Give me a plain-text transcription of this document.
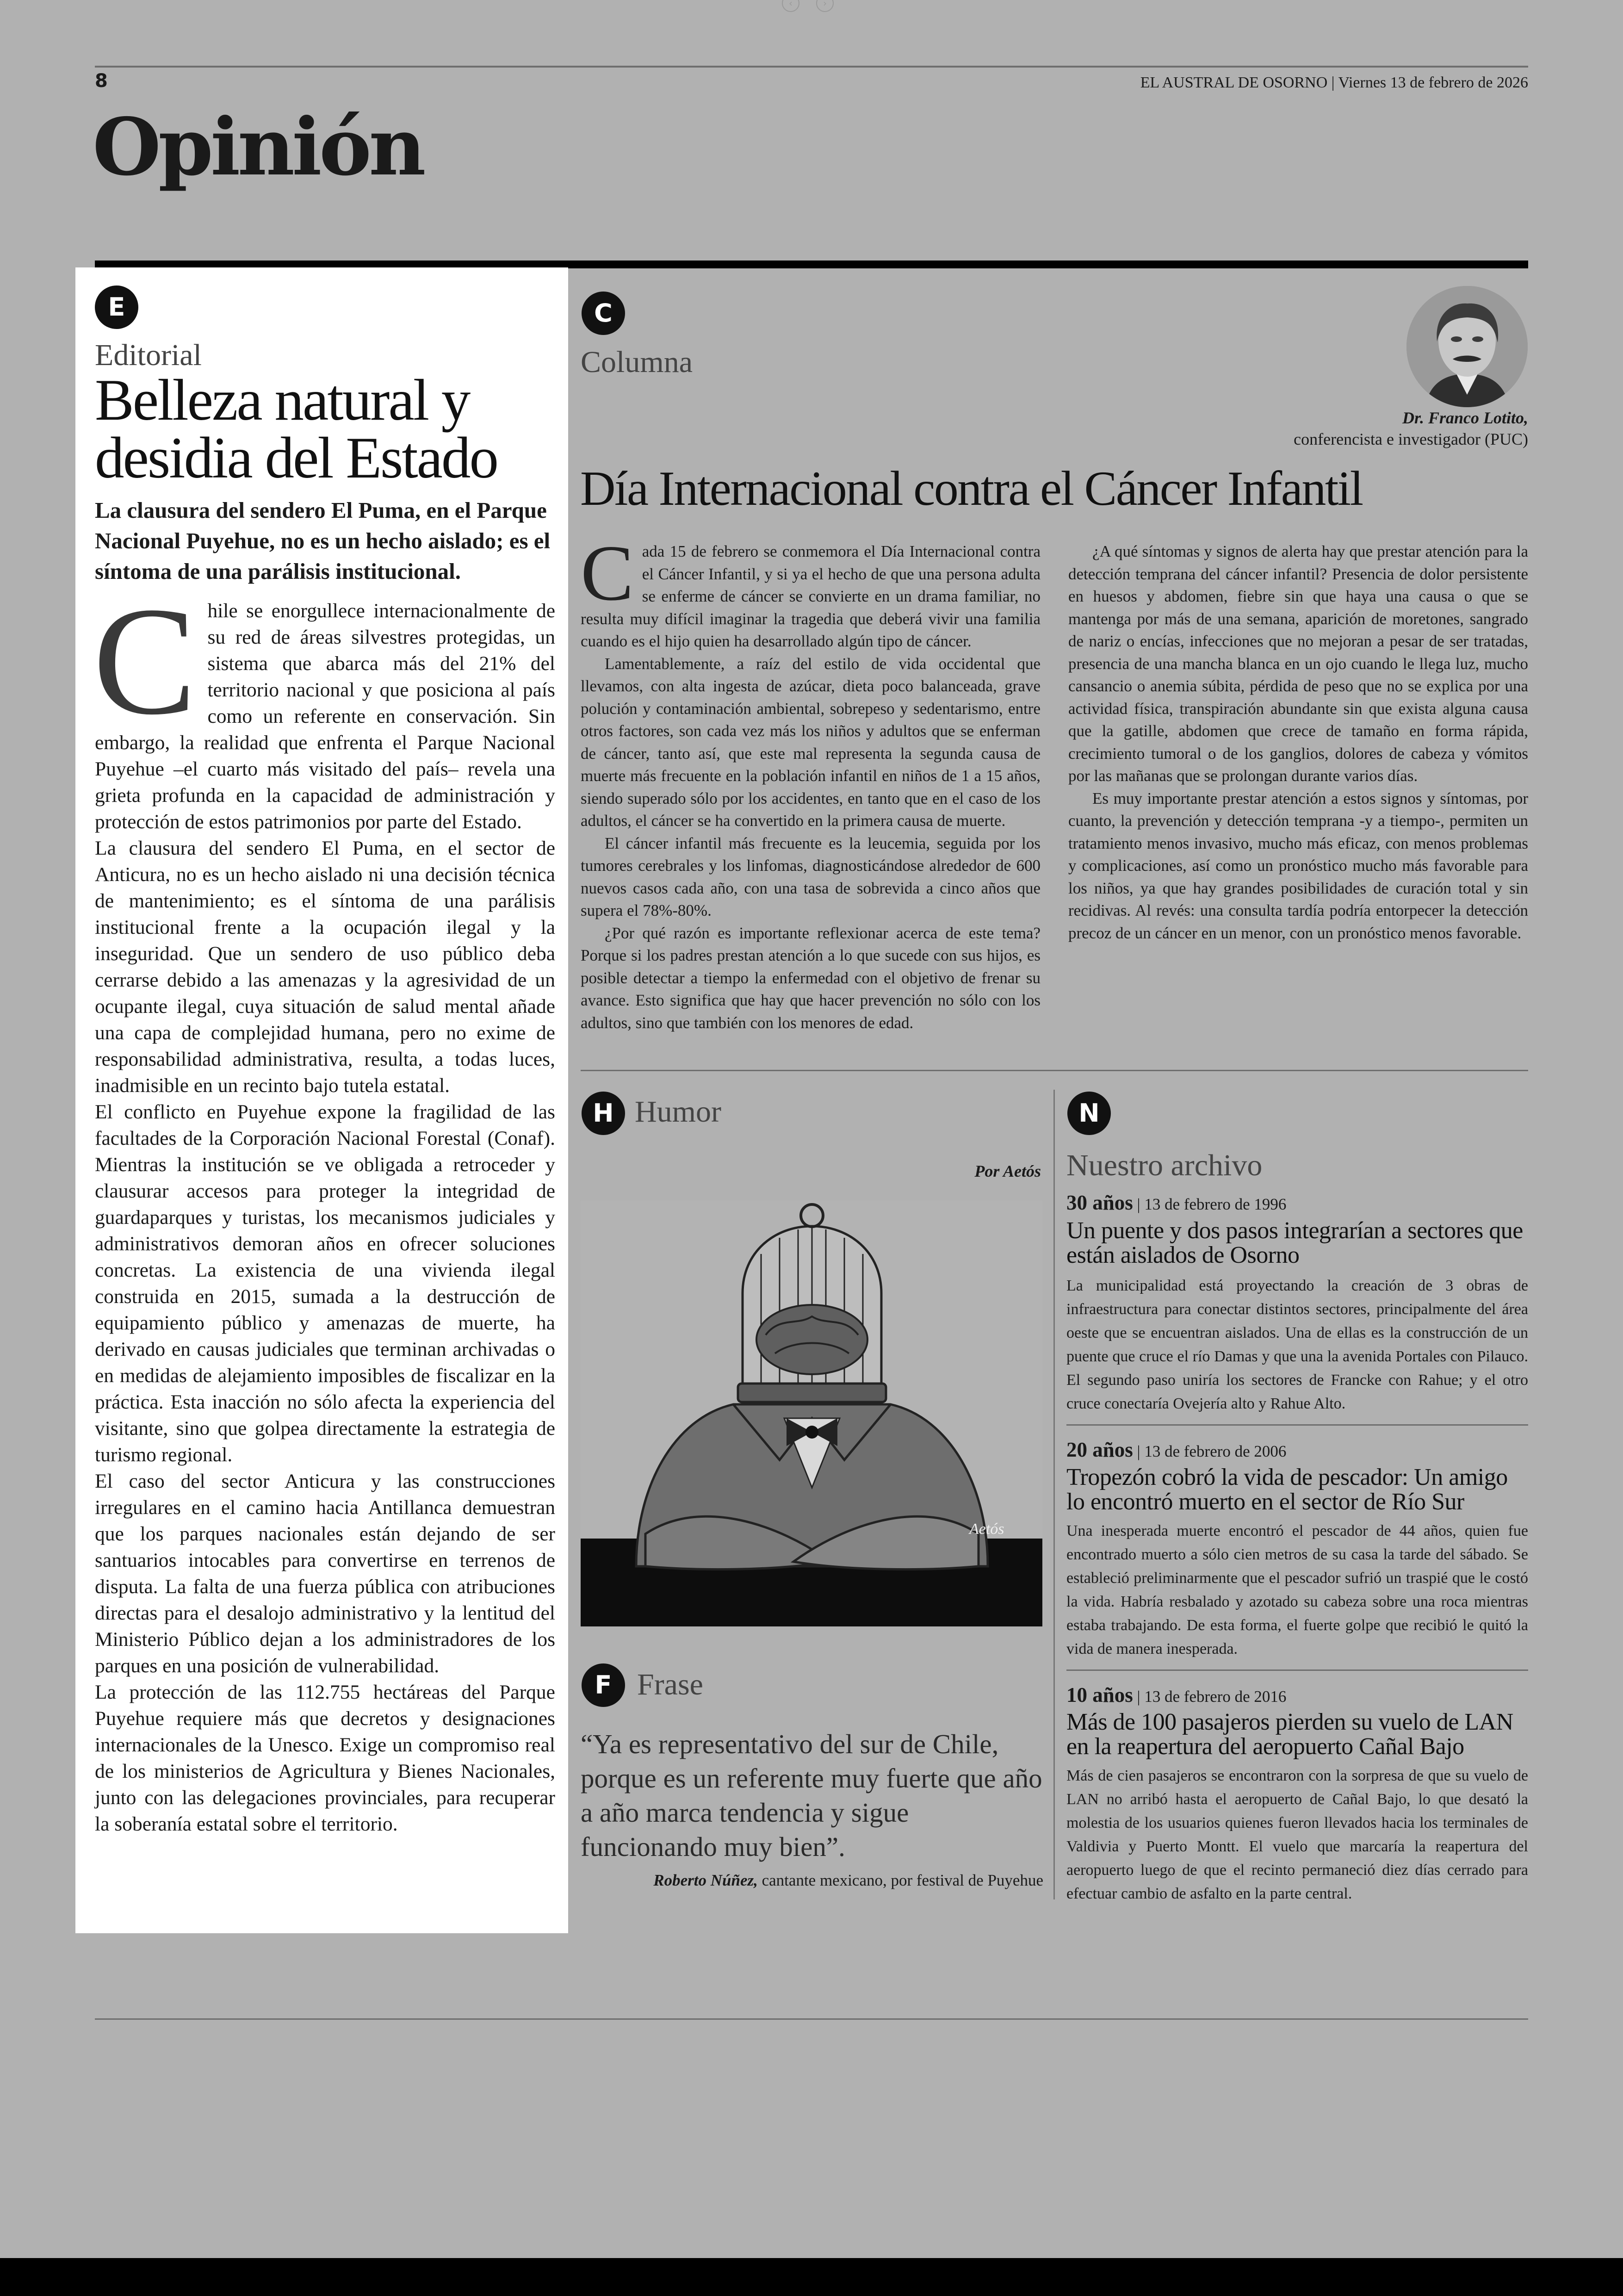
‹	›
8	EL AUSTRAL DE OSORNO | Viernes 13 de febrero de 2026
Opinión
E
Editorial
Belleza natural y desidia del Estado
La clausura del sendero El Puma, en el Parque Nacional Puyehue, no es un hecho aislado; es el síntoma de una parálisis institucional.

Chile se enorgullece internacionalmente de su red de áreas silvestres protegidas, un sistema que abarca más del 21% del territorio nacional y que posiciona al país como un referente en conservación. Sin embargo, la realidad que enfrenta el Parque Nacional Puyehue –el cuarto más visitado del país– revela una grieta profunda en la capacidad de administración y protección de estos patrimonios por parte del Estado.

La clausura del sendero El Puma, en el sector de Anticura, no es un hecho aislado ni una decisión técnica de mantenimiento; es el síntoma de una parálisis institucional frente a la ocupación ilegal y la inseguridad. Que un sendero de uso público deba cerrarse debido a las amenazas y la agresividad de un ocupante ilegal, cuya situación de salud mental añade una capa de complejidad humana, pero no exime de responsabilidad administrativa, resulta, a todas luces, inadmisible en un recinto bajo tutela estatal.

El conflicto en Puyehue expone la fragilidad de las facultades de la Corporación Nacional Forestal (Conaf). Mientras la institución se ve obligada a retroceder y clausurar accesos para proteger la integridad de guardaparques y turistas, los mecanismos judiciales y administrativos demoran años en ofrecer soluciones concretas. La existencia de una vivienda ilegal construida en 2015, sumada a la destrucción de equipamiento público y amenazas de muerte, ha derivado en causas judiciales que terminan archivadas o en medidas de alejamiento imposibles de fiscalizar en la práctica. Esta inacción no sólo afecta la experiencia del visitante, sino que golpea directamente la estrategia de turismo regional.

El caso del sector Anticura y las construcciones irregulares en el camino hacia Antillanca demuestran que los parques nacionales están dejando de ser santuarios intocables para convertirse en terrenos de disputa. La falta de una fuerza pública con atribuciones directas para el desalojo administrativo y la lentitud del Ministerio Público dejan a los administradores de los parques en una posición de vulnerabilidad.

La protección de las 112.755 hectáreas del Parque Puyehue requiere más que decretos y designaciones internacionales de la Unesco. Exige un compromiso real de los ministerios de Agricultura y Bienes Nacionales, junto con las delegaciones provinciales, para recuperar la soberanía estatal sobre el territorio.

C
Columna
Dr. Franco Lotito,
conferencista e investigador (PUC)
Día Internacional contra el Cáncer Infantil

Cada 15 de febrero se conmemora el Día Internacional contra el Cáncer Infantil, y si ya el hecho de que una persona adulta se enferme de cáncer se convierte en un drama familiar, no resulta muy difícil imaginar la tragedia que deberá vivir una familia cuando es el hijo quien ha desarrollado algún tipo de cáncer.

Lamentablemente, a raíz del estilo de vida occidental que llevamos, con alta ingesta de azúcar, dieta poco balanceada, grave polución y contaminación ambiental, sobrepeso y sedentarismo, entre otros factores, son cada vez más los niños y adultos que se enferman de cáncer, tanto así, que este mal representa la segunda causa de muerte más frecuente en la población infantil en niños de 1 a 15 años, siendo superado sólo por los accidentes, en tanto que en el caso de los adultos, el cáncer se ha convertido en la primera causa de muerte.

El cáncer infantil más frecuente es la leucemia, seguida por los tumores cerebrales y los linfomas, diagnosticándose alrededor de 600 nuevos casos cada año, con una tasa de sobrevida a cinco años que supera el 78%-80%.

¿Por qué razón es importante reflexionar acerca de este tema? Porque si los padres prestan atención a lo que sucede con sus hijos, es posible detectar a tiempo la enfermedad con el objetivo de frenar su avance. Esto significa que hay que hacer prevención no sólo con los adultos, sino que también con los menores de edad.

¿A qué síntomas y signos de alerta hay que prestar atención para la detección temprana del cáncer infantil? Presencia de dolor persistente en huesos y abdomen, fiebre sin que haya una causa o que se mantenga por más de una semana, aparición de moretones, sangrado de nariz o encías, infecciones que no mejoran a pesar de ser tratadas, presencia de una mancha blanca en un ojo cuando le llega luz, mucho cansancio o anemia súbita, pérdida de peso que no se explica por una actividad física, transpiración abundante sin que exista alguna causa que la gatille, abdomen que crece de tamaño en forma rápida, crecimiento tumoral o de los ganglios, dolores de cabeza y vómitos por las mañanas que se prolongan durante varios días.

Es muy importante prestar atención a estos signos y síntomas, por cuanto, la prevención y detección temprana -y a tiempo-, permiten un tratamiento menos invasivo, mucho más eficaz, con menos problemas y complicaciones, así como un pronóstico mucho más favorable para los niños, ya que hay grandes posibilidades de curación total y sin recidivas. Al revés: una consulta tardía podría entorpecer la detección precoz de un cáncer en un menor, con un pronóstico menos favorable.

H Humor
Por Aetós
Aetós
F Frase
“Ya es representativo del sur de Chile, porque es un referente muy fuerte que año a año marca tendencia y sigue funcionando muy bien”.
Roberto Núñez, cantante mexicano, por festival de Puyehue
N
Nuestro archivo
30 años | 13 de febrero de 1996
Un puente y dos pasos integrarían a sectores que están aislados de Osorno
La municipalidad está proyectando la creación de 3 obras de infraestructura para conectar distintos sectores, principalmente del área oeste que se encuentran aislados. Una de ellas es la construcción de un puente que cruce el río Damas y que una la avenida Portales con Pilauco. El segundo paso uniría los sectores de Francke con Rahue; y el otro cruce conectaría Ovejería alto y Rahue Alto.
20 años | 13 de febrero de 2006
Tropezón cobró la vida de pescador: Un amigo lo encontró muerto en el sector de Río Sur
Una inesperada muerte encontró el pescador de 44 años, quien fue encontrado muerto a sólo cien metros de su casa la tarde del sábado. Se estableció preliminarmente que el pescador sufrió un traspié que le costó la vida. Habría resbalado y azotado su cabeza sobre una roca mientras estaba trabajando. De esta forma, el fuerte golpe que recibió le quitó la vida de manera inesperada.
10 años | 13 de febrero de 2016
Más de 100 pasajeros pierden su vuelo de LAN en la reapertura del aeropuerto Cañal Bajo
Más de cien pasajeros se encontraron con la sorpresa de que su vuelo de LAN no arribó hasta el aeropuerto de Cañal Bajo, lo que desató la molestia de los usuarios quienes fueron llevados hacia los terminales de Valdivia y Puerto Montt. El vuelo que marcaría la reapertura del aeropuerto luego de que el recinto permaneció diez días cerrado para efectuar cambio de asfalto en la parte central.
